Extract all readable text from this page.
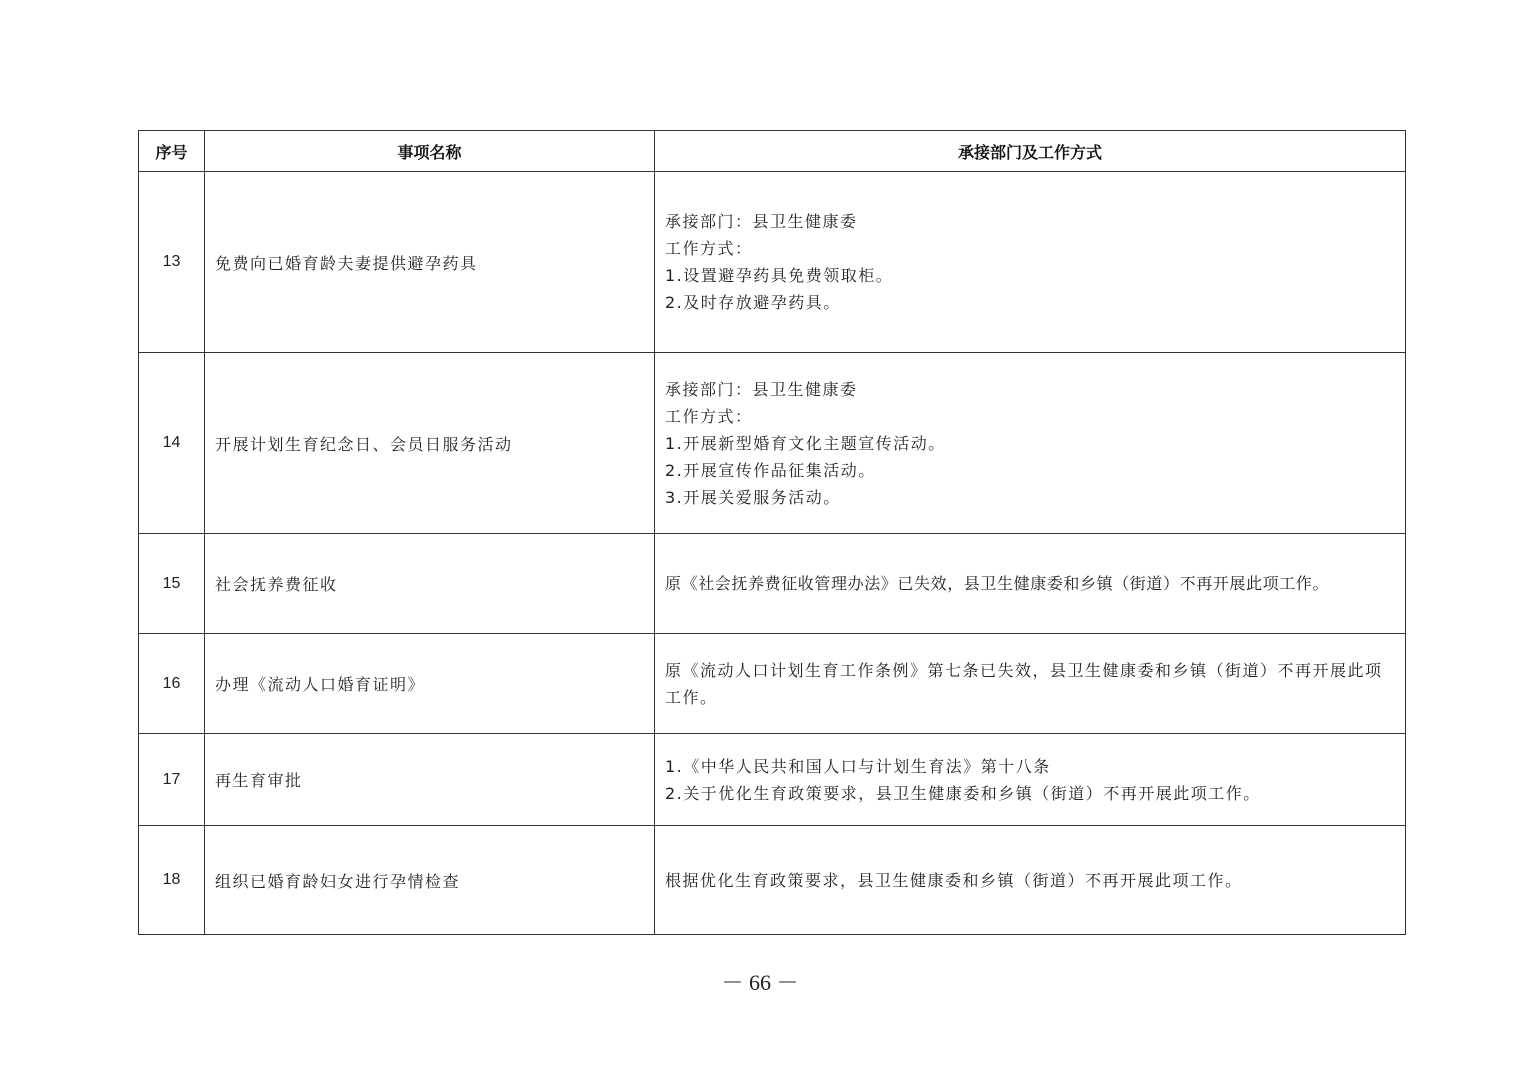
序号	事项名称	承接部门及工作方式
13	免费向已婚育龄夫妻提供避孕药具	承接部门：县卫生健康委
工作方式：
1.设置避孕药具免费领取柜。
2.及时存放避孕药具。

14	开展计划生育纪念日、会员日服务活动	承接部门：县卫生健康委
工作方式：
1.开展新型婚育文化主题宣传活动。
2.开展宣传作品征集活动。
3.开展关爱服务活动。

15	社会抚养费征收	原《社会抚养费征收管理办法》已失效，县卫生健康委和乡镇（街道）不再开展此项工作。

16	办理《流动人口婚育证明》	原《流动人口计划生育工作条例》第七条已失效，县卫生健康委和乡镇（街道）不再开展此项工作。

17	再生育审批	1.《中华人民共和国人口与计划生育法》第十八条
2.关于优化生育政策要求，县卫生健康委和乡镇（街道）不再开展此项工作。

18	组织已婚育龄妇女进行孕情检查	根据优化生育政策要求，县卫生健康委和乡镇（街道）不再开展此项工作。
－ 66 －
